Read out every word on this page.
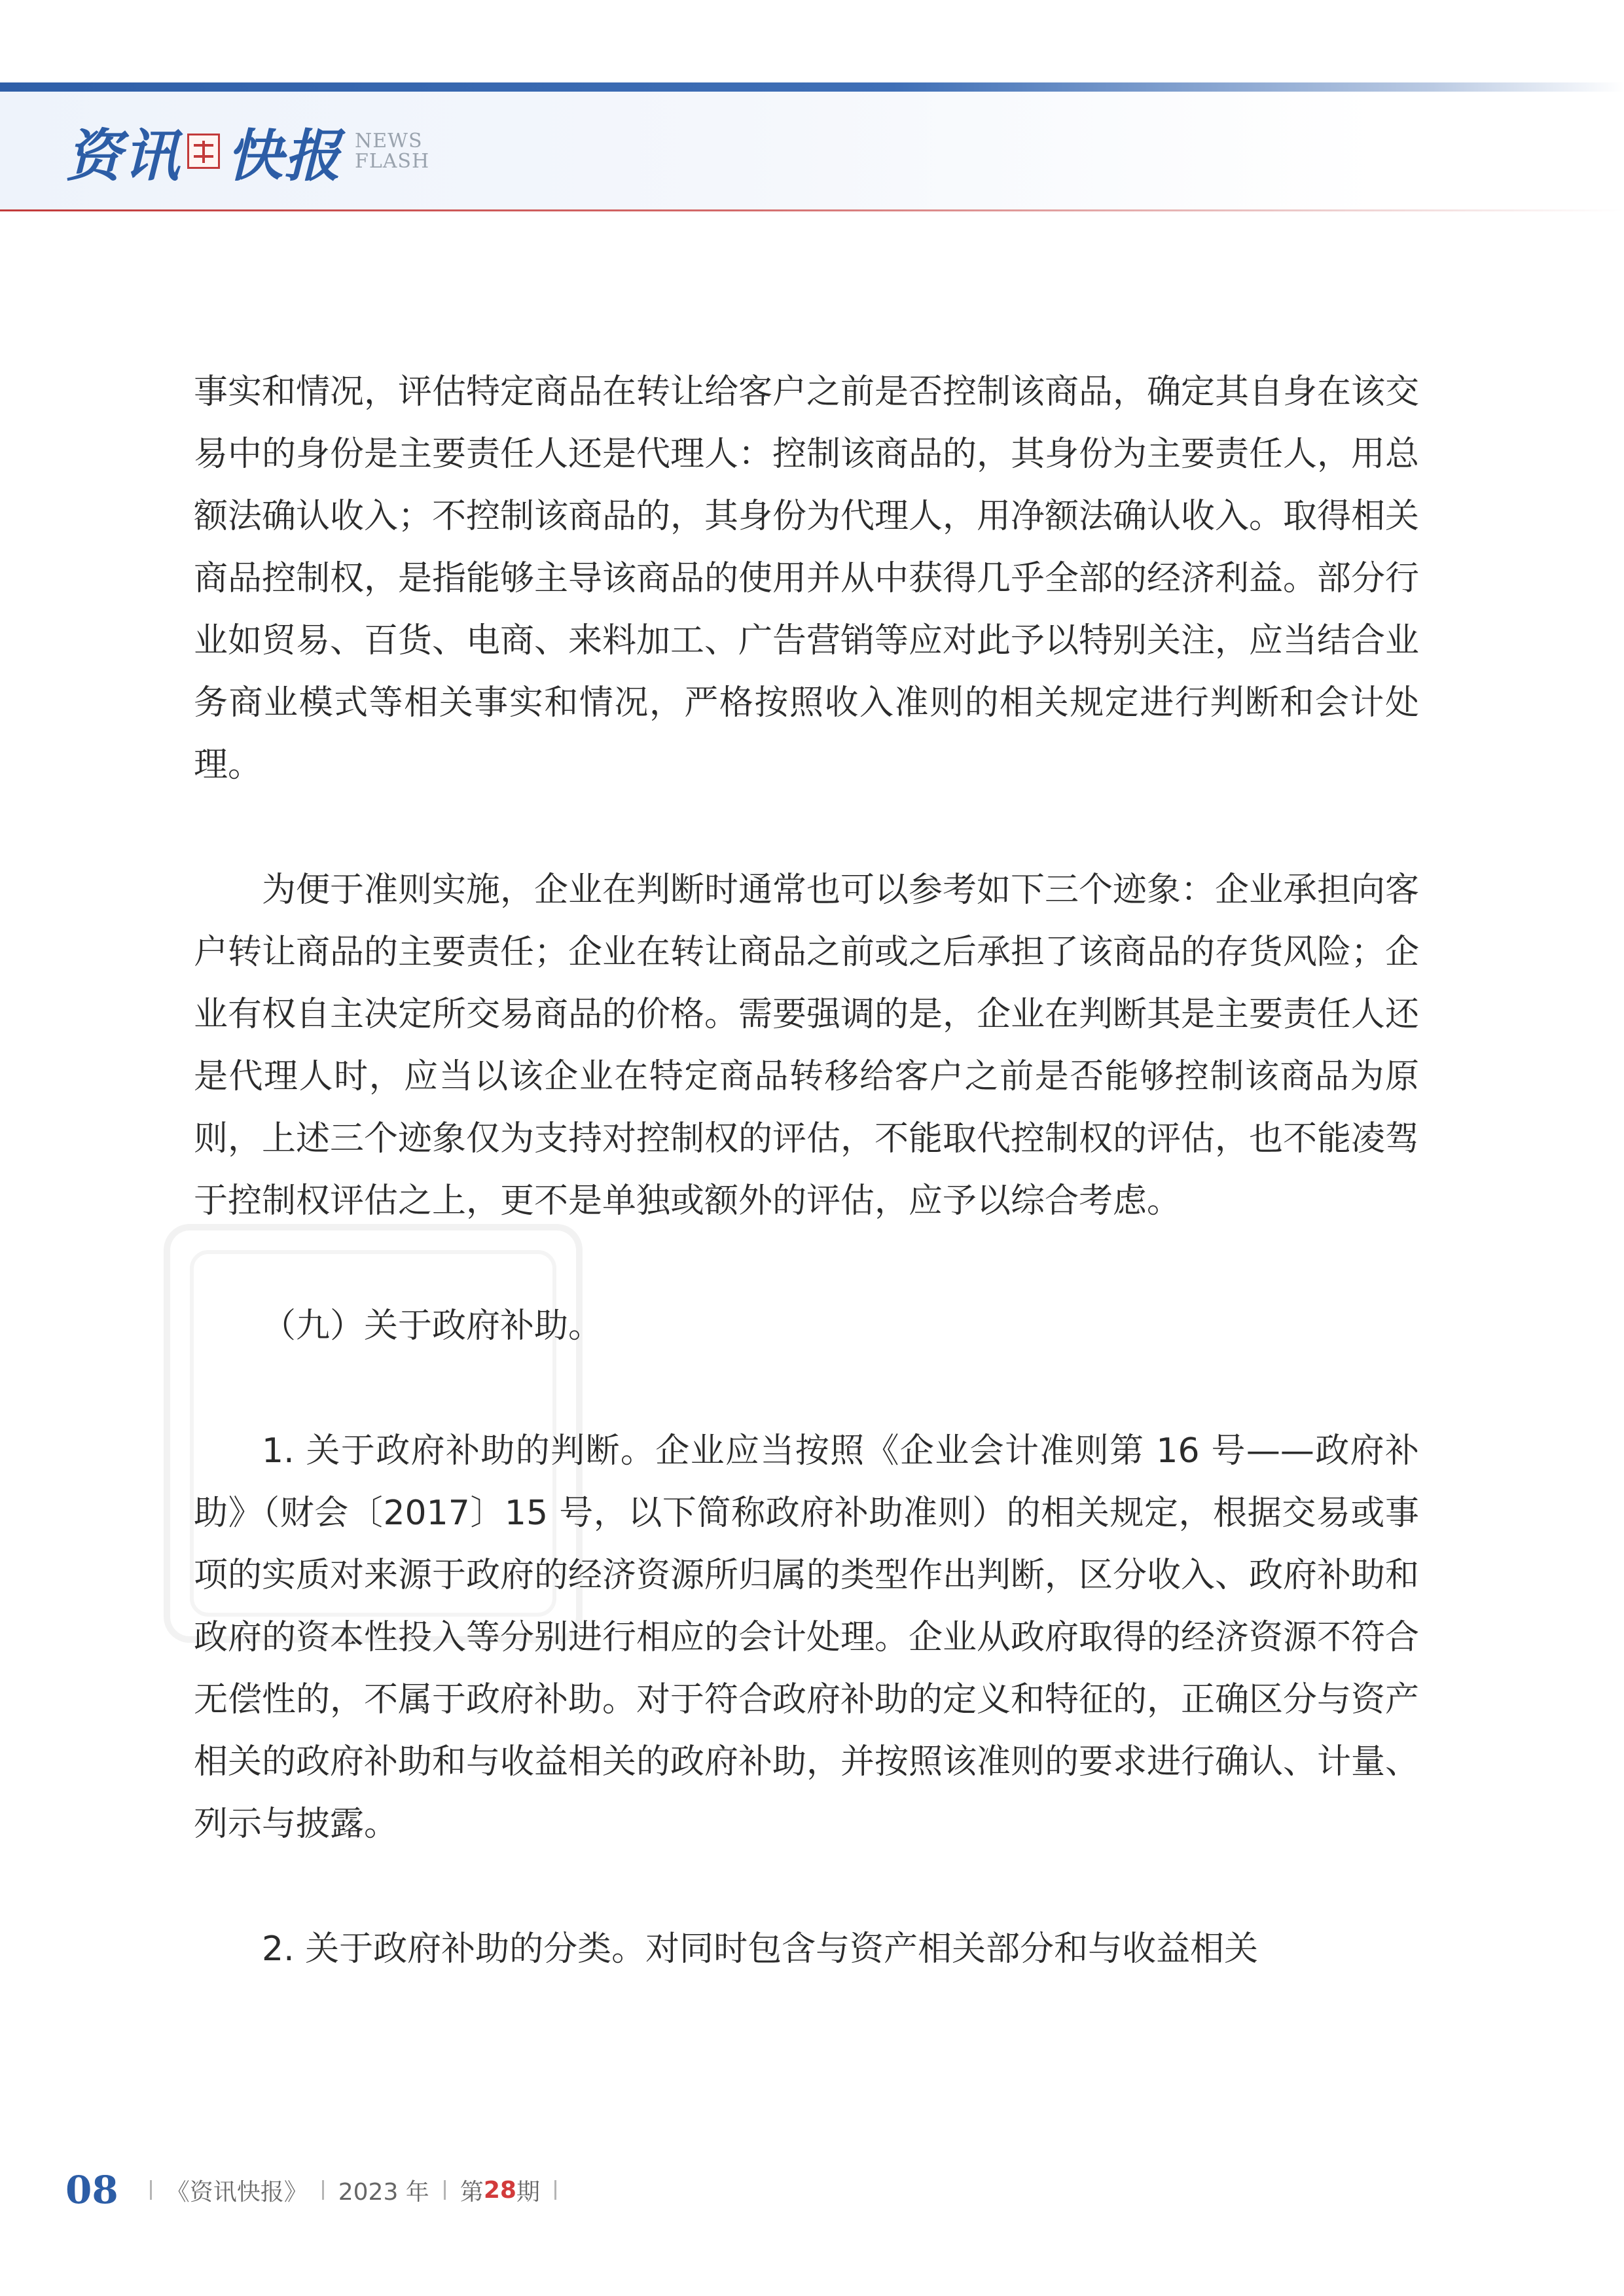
资讯 快报 NEWS
FLASH

事实和情况，评估特定商品在转让给客户之前是否控制该商品，确定其自身在该交易中的身份是主要责任人还是代理人：控制该商品的，其身份为主要责任人，用总额法确认收入；不控制该商品的，其身份为代理人，用净额法确认收入。取得相关商品控制权，是指能够主导该商品的使用并从中获得几乎全部的经济利益。部分行业如贸易、百货、电商、来料加工、广告营销等应对此予以特别关注，应当结合业务商业模式等相关事实和情况，严格按照收入准则的相关规定进行判断和会计处理。

为便于准则实施，企业在判断时通常也可以参考如下三个迹象：企业承担向客户转让商品的主要责任；企业在转让商品之前或之后承担了该商品的存货风险；企业有权自主决定所交易商品的价格。需要强调的是，企业在判断其是主要责任人还是代理人时，应当以该企业在特定商品转移给客户之前是否能够控制该商品为原则，上述三个迹象仅为支持对控制权的评估，不能取代控制权的评估，也不能凌驾于控制权评估之上，更不是单独或额外的评估，应予以综合考虑。

（九）关于政府补助。

1. 关于政府补助的判断。企业应当按照《企业会计准则第 16 号——政府补助》（财会〔2017〕15 号，以下简称政府补助准则）的相关规定，根据交易或事项的实质对来源于政府的经济资源所归属的类型作出判断，区分收入、政府补助和政府的资本性投入等分别进行相应的会计处理。企业从政府取得的经济资源不符合无偿性的，不属于政府补助。对于符合政府补助的定义和特征的，正确区分与资产相关的政府补助和与收益相关的政府补助，并按照该准则的要求进行确认、计量、列示与披露。

2. 关于政府补助的分类。对同时包含与资产相关部分和与收益相关

08 《资讯快报》 2023 年 第 28 期
